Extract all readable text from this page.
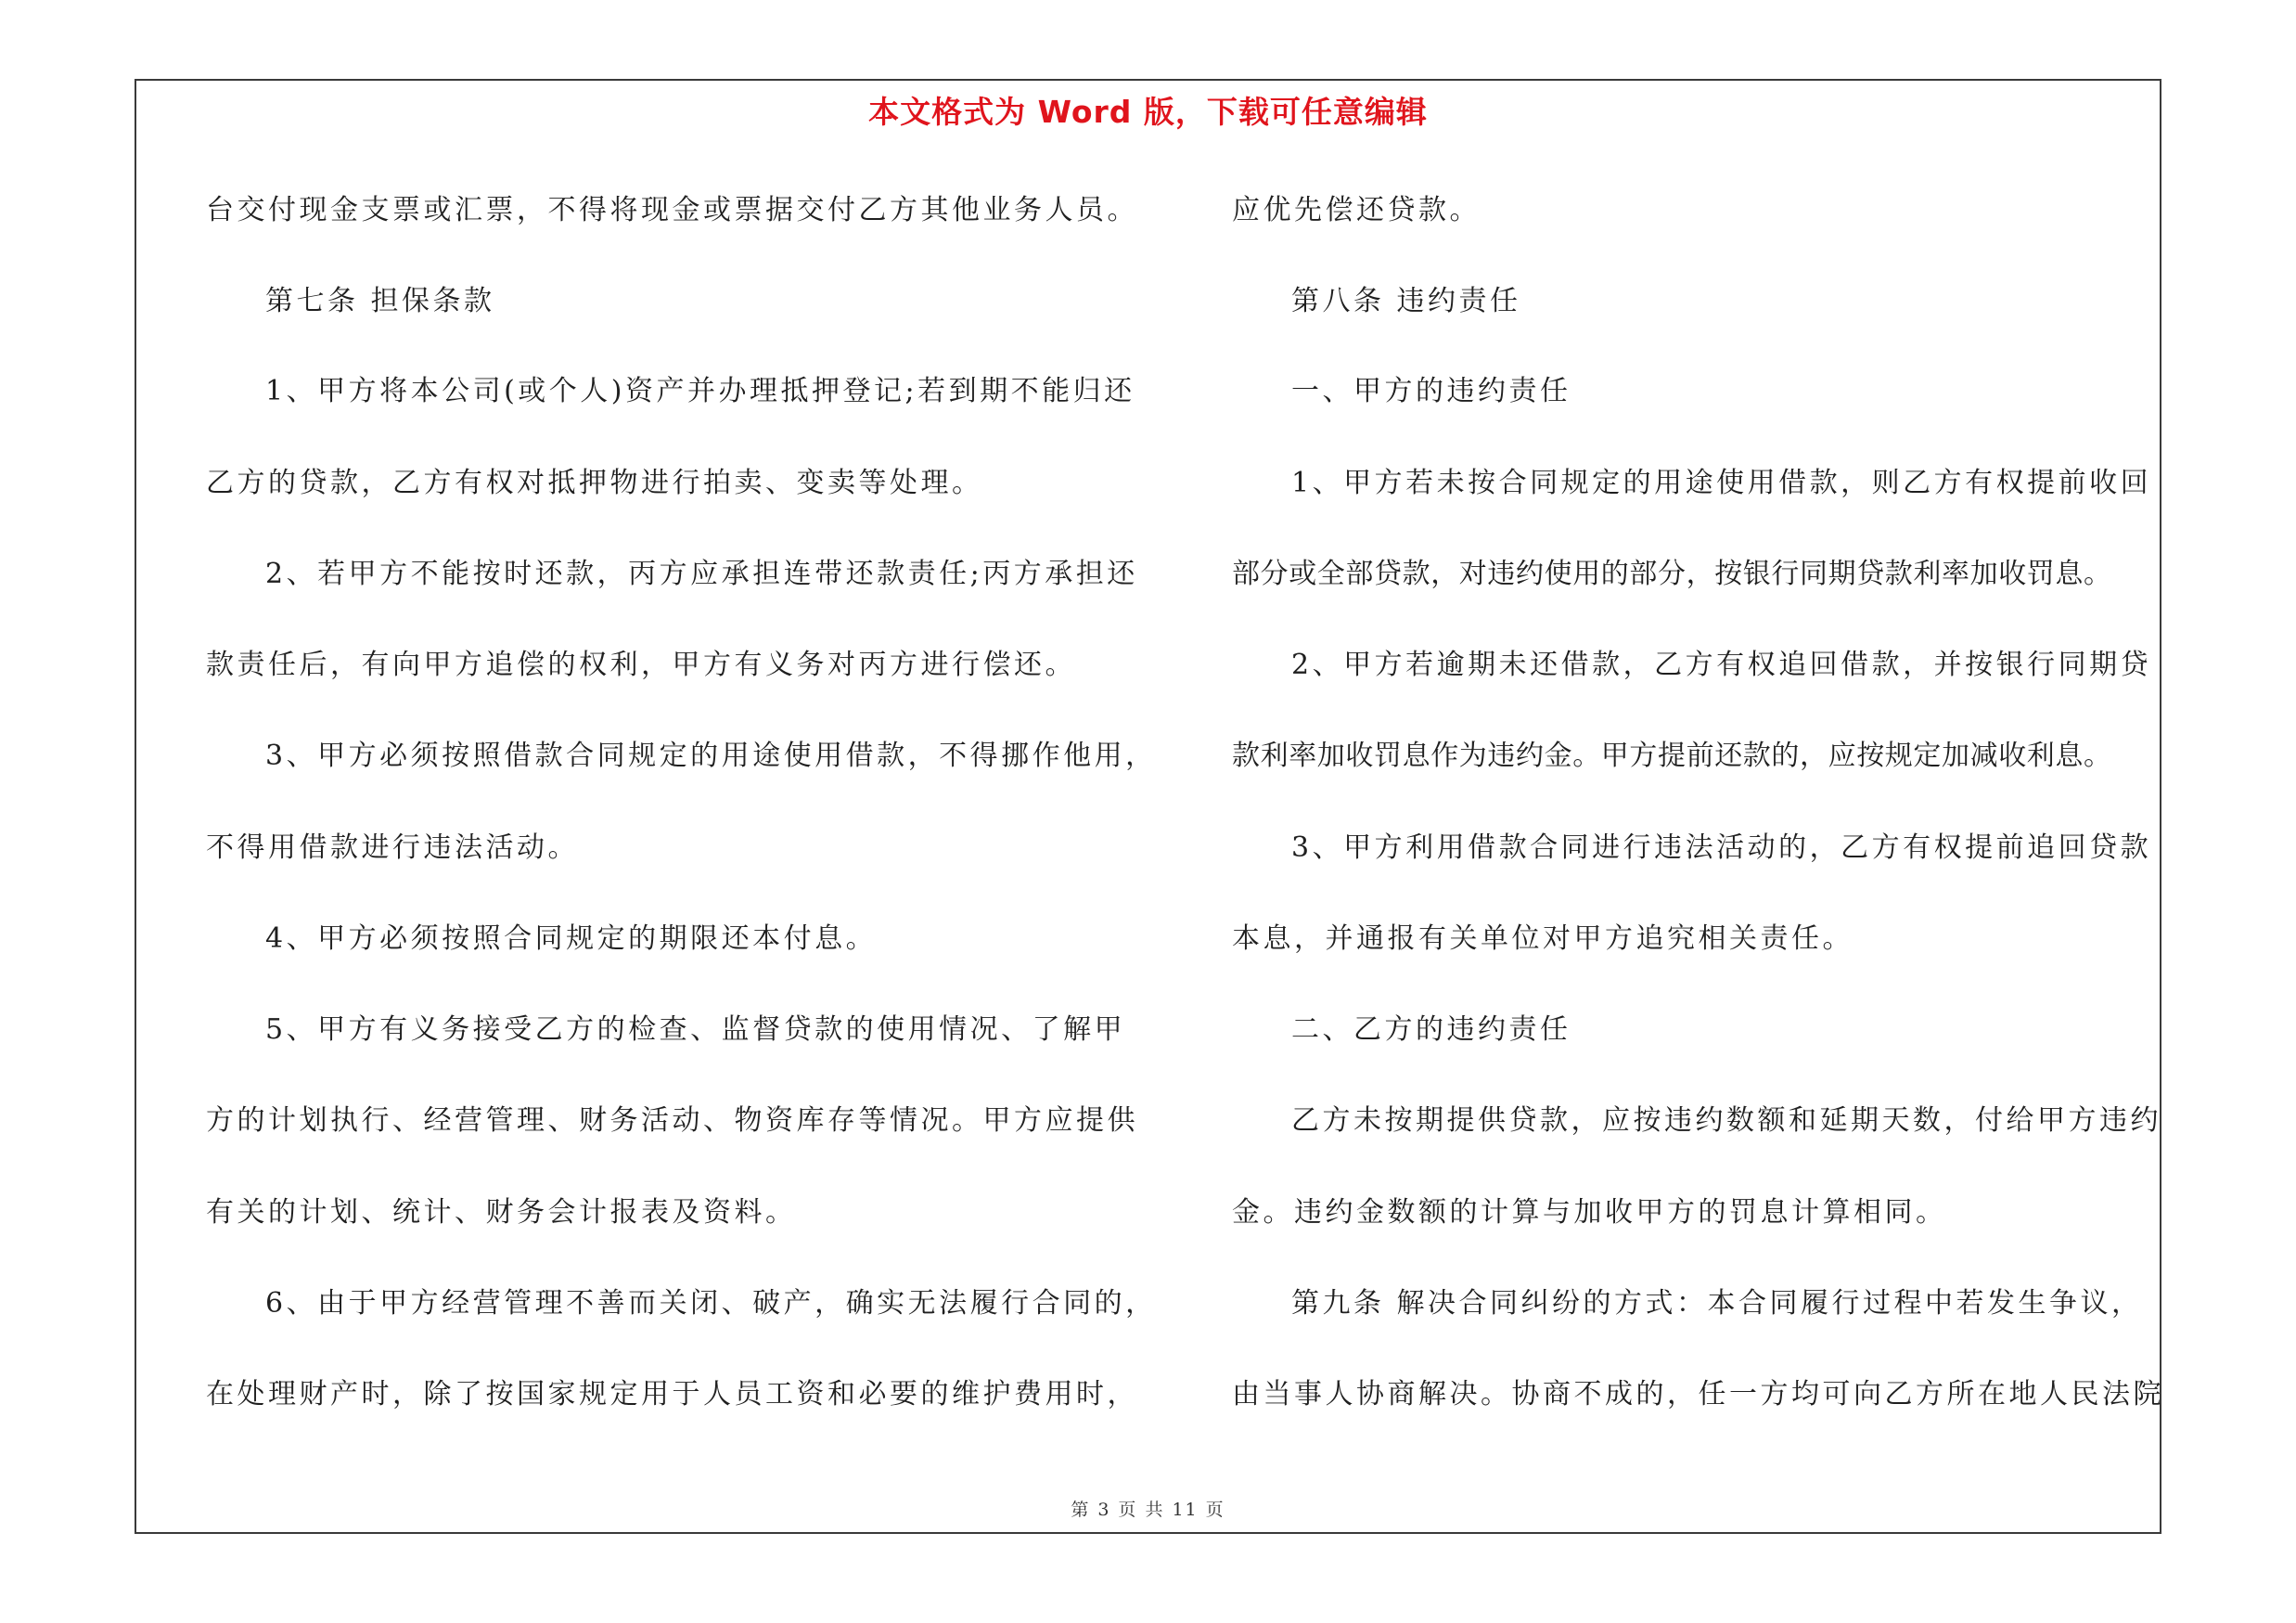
本文格式为 Word 版，下载可任意编辑
台交付现金支票或汇票，不得将现金或票据交付乙方其他业务人员。
第七条 担保条款
1、甲方将本公司(或个人)资产并办理抵押登记;若到期不能归还
乙方的贷款，乙方有权对抵押物进行拍卖、变卖等处理。
2、若甲方不能按时还款，丙方应承担连带还款责任;丙方承担还
款责任后，有向甲方追偿的权利，甲方有义务对丙方进行偿还。
3、甲方必须按照借款合同规定的用途使用借款，不得挪作他用，
不得用借款进行违法活动。
4、甲方必须按照合同规定的期限还本付息。
5、甲方有义务接受乙方的检查、监督贷款的使用情况、了解甲
方的计划执行、经营管理、财务活动、物资库存等情况。甲方应提供
有关的计划、统计、财务会计报表及资料。
6、由于甲方经营管理不善而关闭、破产，确实无法履行合同的，
在处理财产时，除了按国家规定用于人员工资和必要的维护费用时，
应优先偿还贷款。
第八条 违约责任
一、甲方的违约责任
1、甲方若未按合同规定的用途使用借款，则乙方有权提前收回
部分或全部贷款，对违约使用的部分，按银行同期贷款利率加收罚息。
2、甲方若逾期未还借款，乙方有权追回借款，并按银行同期贷
款利率加收罚息作为违约金。甲方提前还款的，应按规定加减收利息。
3、甲方利用借款合同进行违法活动的，乙方有权提前追回贷款
本息，并通报有关单位对甲方追究相关责任。
二、乙方的违约责任
乙方未按期提供贷款，应按违约数额和延期天数，付给甲方违约
金。违约金数额的计算与加收甲方的罚息计算相同。
第九条 解决合同纠纷的方式：本合同履行过程中若发生争议，
由当事人协商解决。协商不成的，任一方均可向乙方所在地人民法院
第 3 页 共 11 页
